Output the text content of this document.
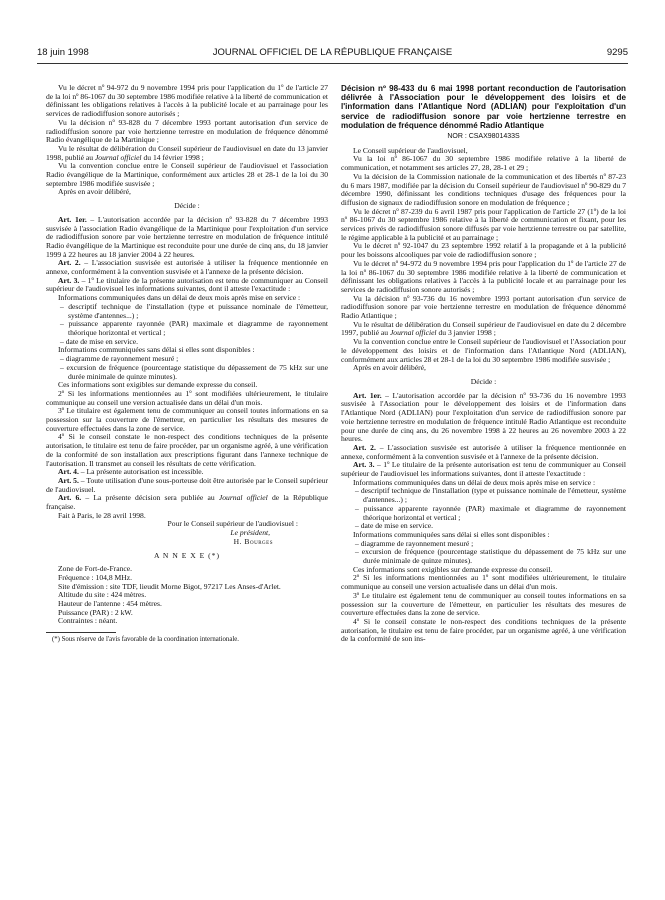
18 juin 1998	JOURNAL OFFICIEL DE LA RÉPUBLIQUE FRANÇAISE	9295

Vu le décret nº 94-972 du 9 novembre 1994 pris pour l'application du 1º de l'article 27 de la loi nº 86-1067 du 30 septembre 1986 modifiée relative à la liberté de communication et définissant les obligations relatives à l'accès à la publicité locale et au parrainage pour les services de radiodiffusion sonore autorisés ;

Vu la décision nº 93-828 du 7 décembre 1993 portant autorisation d'un service de radiodiffusion sonore par voie hertzienne terrestre en modulation de fréquence dénommé Radio évangélique de la Martinique ;

Vu le résultat de délibération du Conseil supérieur de l'audiovisuel en date du 13 janvier 1998, publié au Journal officiel du 14 février 1998 ;

Vu la convention conclue entre le Conseil supérieur de l'audiovisuel et l'association Radio évangélique de la Martinique, conformément aux articles 28 et 28-1 de la loi du 30 septembre 1986 modifiée susvisée ;

Après en avoir délibéré,

Décide :

Art. 1er. – L'autorisation accordée par la décision nº 93-828 du 7 décembre 1993 susvisée à l'association Radio évangélique de la Martinique pour l'exploitation d'un service de radiodiffusion sonore par voie hertzienne terrestre en modulation de fréquence intitulé Radio évangélique de la Martinique est reconduite pour une durée de cinq ans, du 18 janvier 1999 à 22 heures au 18 janvier 2004 à 22 heures.

Art. 2. – L'association susvisée est autorisée à utiliser la fréquence mentionnée en annexe, conformément à la convention susvisée et à l'annexe de la présente décision.

Art. 3. – 1º Le titulaire de la présente autorisation est tenu de communiquer au Conseil supérieur de l'audiovisuel les informations suivantes, dont il atteste l'exactitude :

Informations communiquées dans un délai de deux mois après mise en service :

– descriptif technique de l'installation (type et puissance nominale de l'émetteur, système d'antennes...) ;

– puissance apparente rayonnée (PAR) maximale et diagramme de rayonnement théorique horizontal et vertical ;

– date de mise en service.

Informations communiquées sans délai si elles sont disponibles :

– diagramme de rayonnement mesuré ;

– excursion de fréquence (pourcentage statistique du dépassement de 75 kHz sur une durée minimale de quinze minutes).

Ces informations sont exigibles sur demande expresse du conseil.

2º Si les informations mentionnées au 1º sont modifiées ultérieurement, le titulaire communique au conseil une version actualisée dans un délai d'un mois.

3º Le titulaire est également tenu de communiquer au conseil toutes informations en sa possession sur la couverture de l'émetteur, en particulier les résultats des mesures de couverture effectuées dans la zone de service.

4º Si le conseil constate le non-respect des conditions techniques de la présente autorisation, le titulaire est tenu de faire procéder, par un organisme agréé, à une vérification de la conformité de son installation aux prescriptions figurant dans l'annexe technique de l'autorisation. Il transmet au conseil les résultats de cette vérification.

Art. 4. – La présente autorisation est incessible.

Art. 5. – Toute utilisation d'une sous-porteuse doit être autorisée par le Conseil supérieur de l'audiovisuel.

Art. 6. – La présente décision sera publiée au Journal officiel de la République française.

Fait à Paris, le 28 avril 1998.

Pour le Conseil supérieur de l'audiovisuel :

Le président,

H. Bourges

A N N E X E (*)

Zone de Fort-de-France.

Fréquence : 104,8 MHz.

Site d'émission : site TDF, lieudit Morne Bigot, 97217 Les Anses-d'Arlet.

Altitude du site : 424 mètres.

Hauteur de l'antenne : 454 mètres.

Puissance (PAR) : 2 kW.

Contraintes : néant.

(*) Sous réserve de l'avis favorable de la coordination internationale.

Décision nº 98-433 du 6 mai 1998 portant reconduction de l'autorisation délivrée à l'Association pour le développement des loisirs et de l'information dans l'Atlantique Nord (ADLIAN) pour l'exploitation d'un service de radiodiffusion sonore par voie hertzienne terrestre en modulation de fréquence dénommé Radio Atlantique

NOR : CSAX9801433S

Le Conseil supérieur de l'audiovisuel,

Vu la loi nº 86-1067 du 30 septembre 1986 modifiée relative à la liberté de communication, et notamment ses articles 27, 28, 28-1 et 29 ;

Vu la décision de la Commission nationale de la communication et des libertés nº 87-23 du 6 mars 1987, modifiée par la décision du Conseil supérieur de l'audiovisuel nº 90-829 du 7 décembre 1990, définissant les conditions techniques d'usage des fréquences pour la diffusion de signaux de radiodiffusion sonore en modulation de fréquence ;

Vu le décret nº 87-239 du 6 avril 1987 pris pour l'application de l'article 27 (1º) de la loi nº 86-1067 du 30 septembre 1986 relative à la liberté de communication et fixant, pour les services privés de radiodiffusion sonore diffusés par voie hertzienne terrestre ou par satellite, le régime applicable à la publicité et au parrainage ;

Vu le décret nº 92-1047 du 23 septembre 1992 relatif à la propagande et à la publicité pour les boissons alcooliques par voie de radiodiffusion sonore ;

Vu le décret nº 94-972 du 9 novembre 1994 pris pour l'application du 1º de l'article 27 de la loi nº 86-1067 du 30 septembre 1986 modifiée relative à la liberté de communication et définissant les obligations relatives à l'accès à la publicité locale et au parrainage pour les services de radiodiffusion sonore autorisés ;

Vu la décision nº 93-736 du 16 novembre 1993 portant autorisation d'un service de radiodiffusion sonore par voie hertzienne terrestre en modulation de fréquence dénommé Radio Atlantique ;

Vu le résultat de délibération du Conseil supérieur de l'audiovisuel en date du 2 décembre 1997, publié au Journal officiel du 3 janvier 1998 ;

Vu la convention conclue entre le Conseil supérieur de l'audiovisuel et l'Association pour le développement des loisirs et de l'information dans l'Atlantique Nord (ADLIAN), conformément aux articles 28 et 28-1 de la loi du 30 septembre 1986 modifiée susvisée ;

Après en avoir délibéré,

Décide :

Art. 1er. – L'autorisation accordée par la décision nº 93-736 du 16 novembre 1993 susvisée à l'Association pour le développement des loisirs et de l'information dans l'Atlantique Nord (ADLIAN) pour l'exploitation d'un service de radiodiffusion sonore par voie hertzienne terrestre en modulation de fréquence intitulé Radio Atlantique est reconduite pour une durée de cinq ans, du 26 novembre 1998 à 22 heures au 26 novembre 2003 à 22 heures.

Art. 2. – L'association susvisée est autorisée à utiliser la fréquence mentionnée en annexe, conformément à la convention susvisée et à l'annexe de la présente décision.

Art. 3. – 1º Le titulaire de la présente autorisation est tenu de communiquer au Conseil supérieur de l'audiovisuel les informations suivantes, dont il atteste l'exactitude :

Informations communiquées dans un délai de deux mois après mise en service :

– descriptif technique de l'installation (type et puissance nominale de l'émetteur, système d'antennes...) ;

– puissance apparente rayonnée (PAR) maximale et diagramme de rayonnement théorique horizontal et vertical ;

– date de mise en service.

Informations communiquées sans délai si elles sont disponibles :

– diagramme de rayonnement mesuré ;

– excursion de fréquence (pourcentage statistique du dépassement de 75 kHz sur une durée minimale de quinze minutes).

Ces informations sont exigibles sur demande expresse du conseil.

2º Si les informations mentionnées au 1º sont modifiées ultérieurement, le titulaire communique au conseil une version actualisée dans un délai d'un mois.

3º Le titulaire est également tenu de communiquer au conseil toutes informations en sa possession sur la couverture de l'émetteur, en particulier les résultats des mesures de couverture effectuées dans la zone de service.

4º Si le conseil constate le non-respect des conditions techniques de la présente autorisation, le titulaire est tenu de faire procéder, par un organisme agréé, à une vérification de la conformité de son ins-
